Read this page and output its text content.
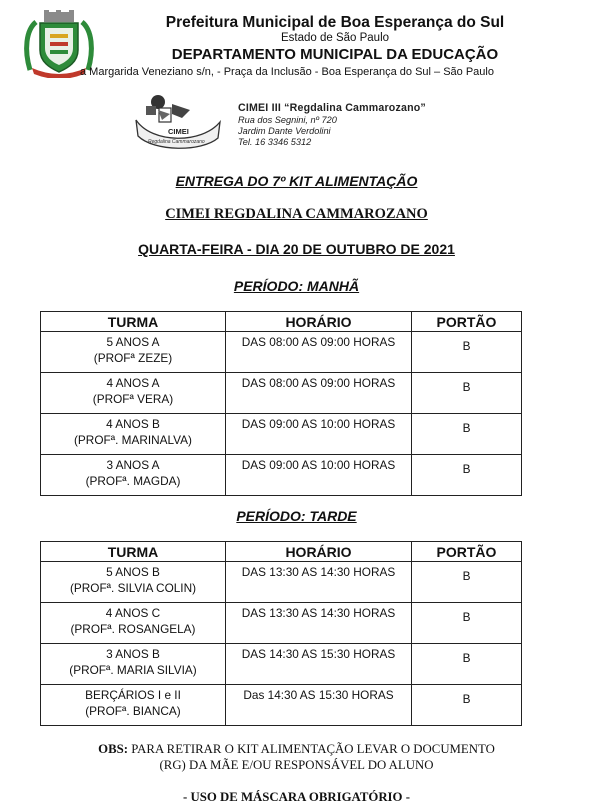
Prefeitura Municipal de Boa Esperança do Sul
Estado de São Paulo
DEPARTAMENTO MUNICIPAL DA EDUCAÇÃO
a Margarida Veneziano s/n, - Praça da Inclusão - Boa Esperança do Sul – São Paulo
CIMEI
Regdalina Cammarozano
CIMEI III “Regdalina Cammarozano”
Rua dos Segnini, nº 720
Jardim Dante Verdolini
Tel. 16 3346 5312
ENTREGA DO 7º KIT ALIMENTAÇÃO
CIMEI REGDALINA CAMMAROZANO
QUARTA-FEIRA - DIA 20 DE OUTUBRO DE 2021
PERÍODO: MANHÃ
TURMA	HORÁRIO	PORTÃO

5 ANOS A
(PROFª ZEZE)	DAS 08:00 AS 09:00 HORAS	B

4 ANOS A
(PROFª VERA)	DAS 08:00 AS 09:00 HORAS	B

4 ANOS B
(PROFª. MARINALVA)	DAS 09:00 AS 10:00 HORAS	B

3 ANOS A
(PROFª. MAGDA)	DAS 09:00 AS 10:00 HORAS	B
PERÍODO: TARDE
TURMA	HORÁRIO	PORTÃO

5 ANOS B
(PROFª. SILVIA COLIN)	DAS 13:30 AS 14:30 HORAS	B

4 ANOS C
(PROFª. ROSANGELA)	DAS 13:30 AS 14:30 HORAS	B

3 ANOS B
(PROFª. MARIA SILVIA)	DAS 14:30 AS 15:30 HORAS	B

BERÇÁRIOS I e II
(PROFª. BIANCA)	Das 14:30 AS 15:30 HORAS	B
OBS: PARA RETIRAR O KIT ALIMENTAÇÃO LEVAR O DOCUMENTO
(RG) DA MÃE E/OU RESPONSÁVEL DO ALUNO
- USO DE MÁSCARA OBRIGATÓRIO -
